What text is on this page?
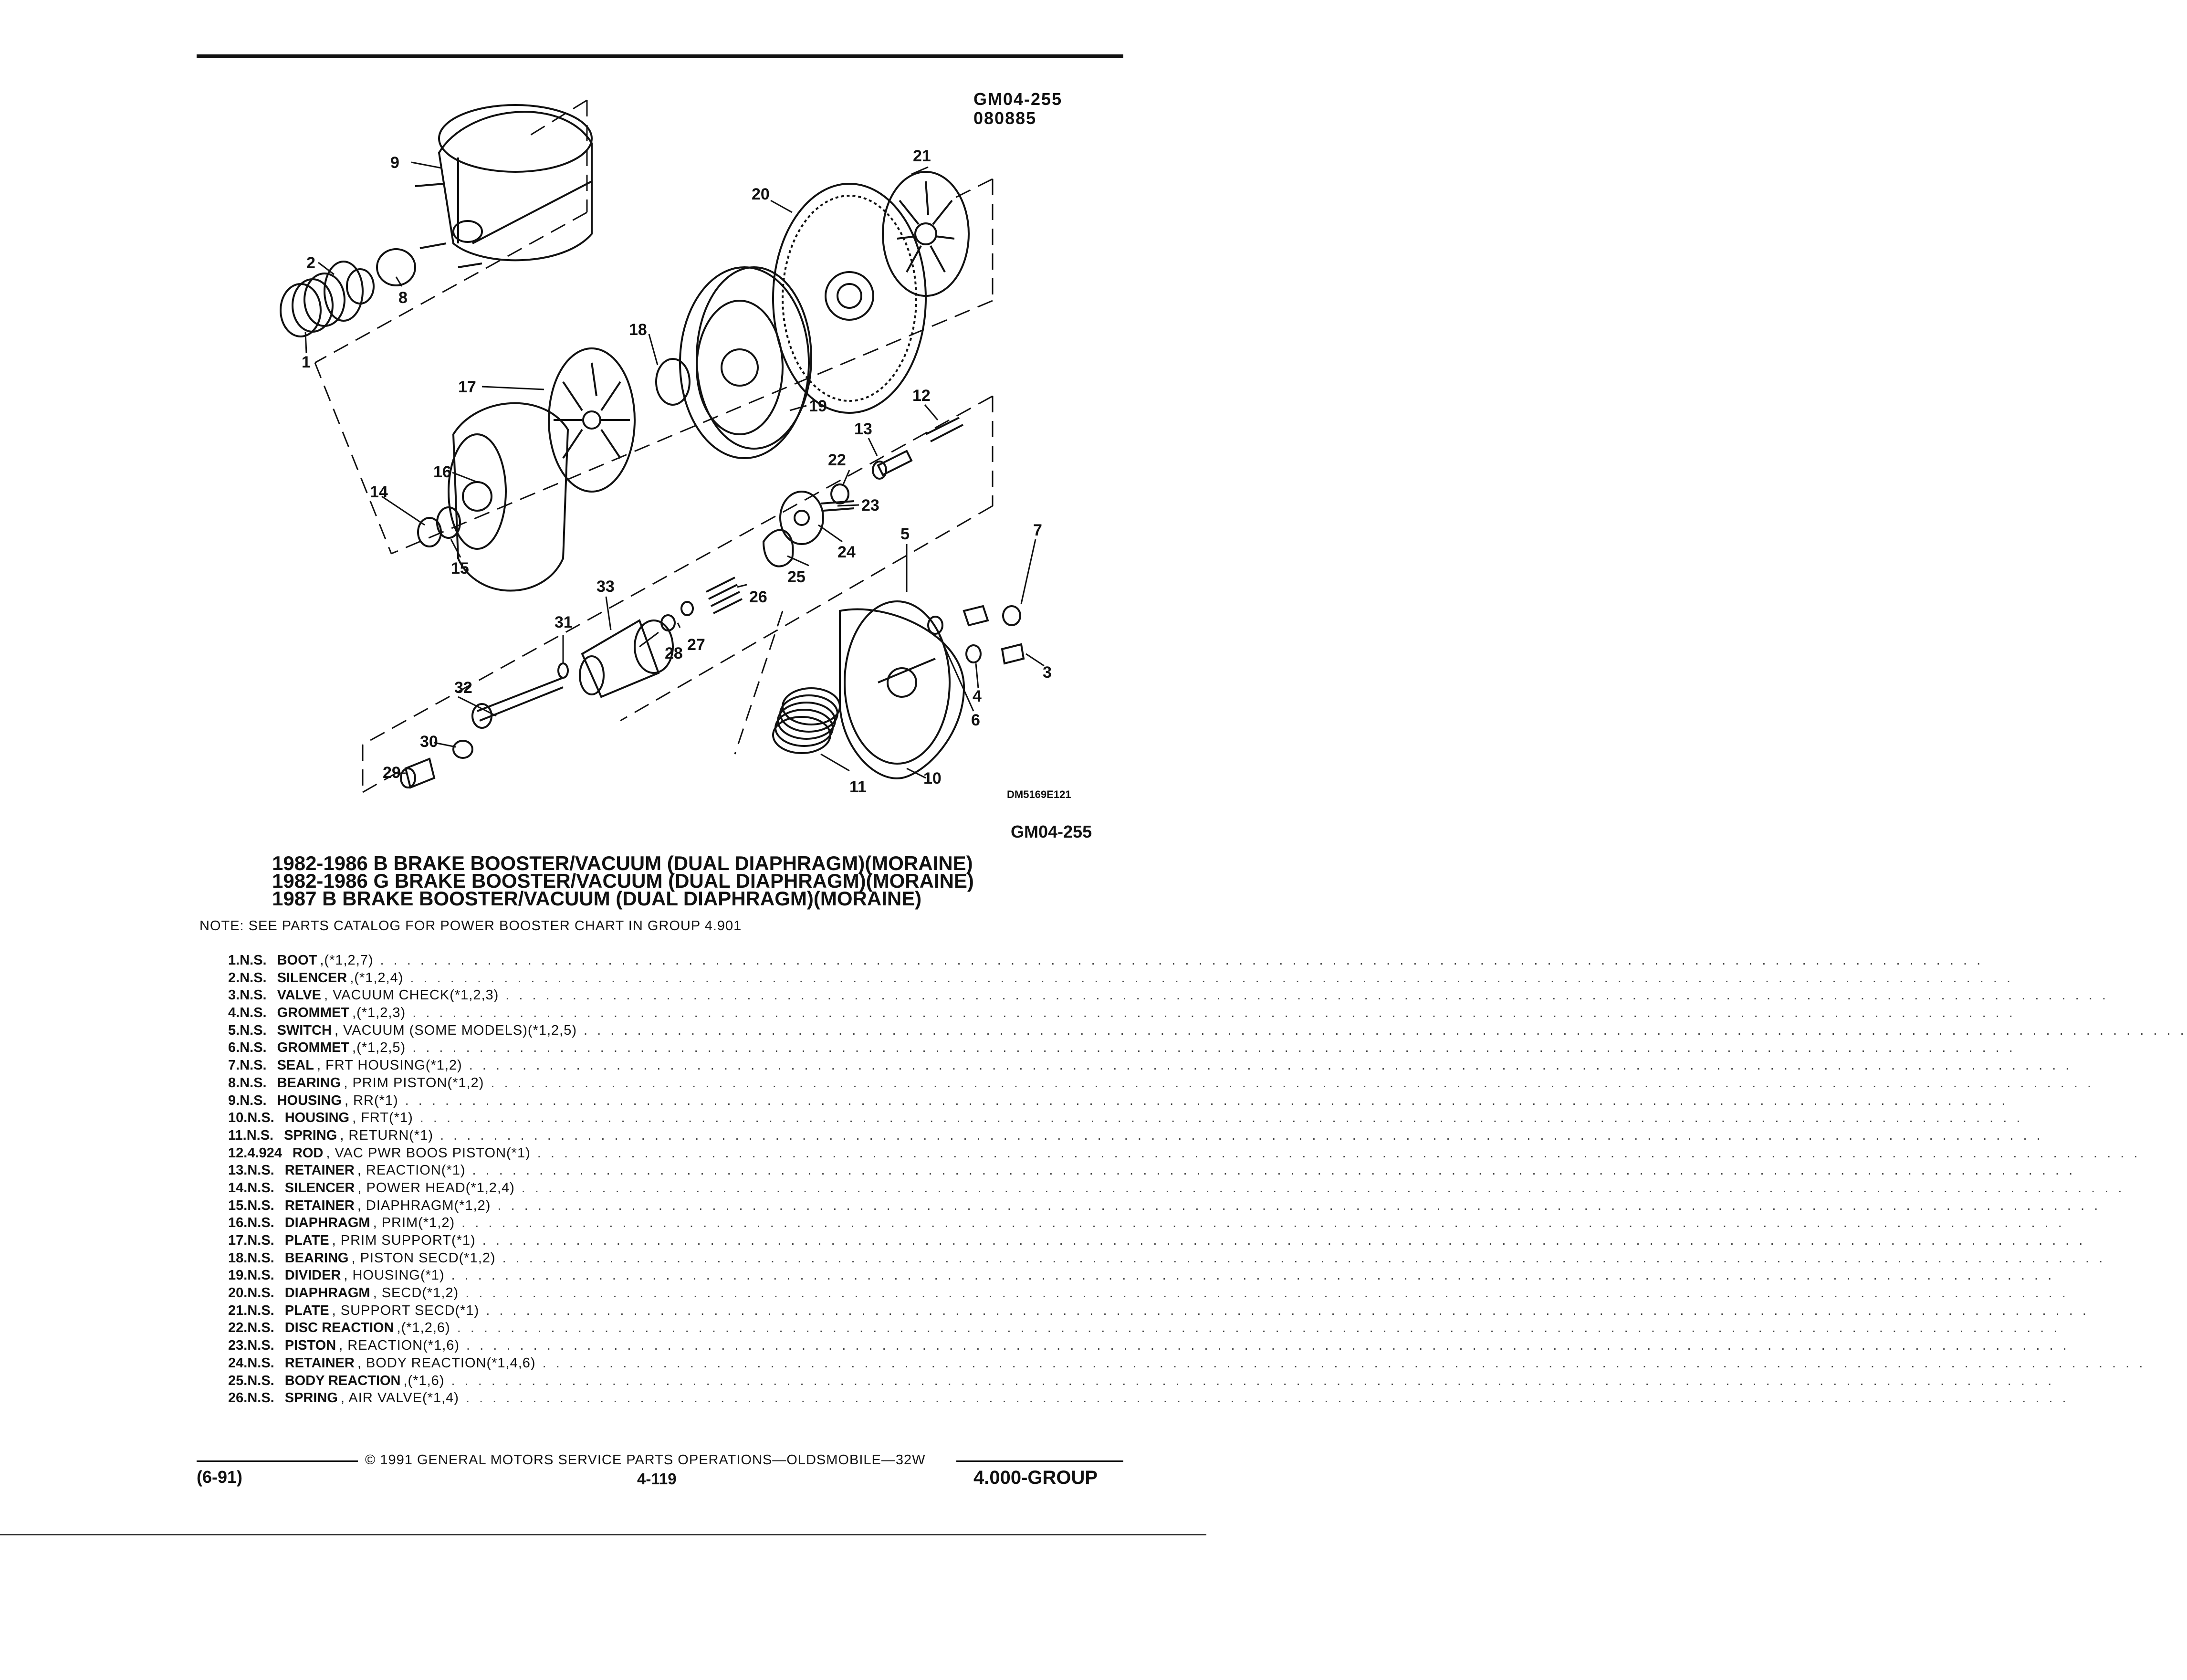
GM04-255
080885
9
2
8
1
21
20
18
17
19
12
13
22
23
24
25
26
16
14
15
33
27
28
31
32
30
29
5	7
3
4
6
11	10
DM5169E121
GM04-255
1982-1986 B BRAKE BOOSTER/VACUUM (DUAL DIAPHRAGM)(MORAINE)
1982-1986 G BRAKE BOOSTER/VACUUM (DUAL DIAPHRAGM)(MORAINE)
1987 B BRAKE BOOSTER/VACUUM (DUAL DIAPHRAGM)(MORAINE)
NOTE: SEE PARTS CATALOG FOR POWER BOOSTER CHART IN GROUP 4.901
1. N.S. BOOT ,(*1,2,7) . . . . . . . . . . . . . . . . . . . . . . . . . . . . . . . . . . . . . . . . . . . . . . . . . . . . . . . . . . . . . . . . . . . . . . . . . . . . . . . . . . . . . . . . . . . . . . . . . . . . . . . . . . . . . . . . . . . . . . . .
2. N.S. SILENCER ,(*1,2,4) . . . . . . . . . . . . . . . . . . . . . . . . . . . . . . . . . . . . . . . . . . . . . . . . . . . . . . . . . . . . . . . . . . . . . . . . . . . . . . . . . . . . . . . . . . . . . . . . . . . . . . . . . . . . . . . . . . . . . . . .
3. N.S. VALVE , VACUUM CHECK(*1,2,3) . . . . . . . . . . . . . . . . . . . . . . . . . . . . . . . . . . . . . . . . . . . . . . . . . . . . . . . . . . . . . . . . . . . . . . . . . . . . . . . . . . . . . . . . . . . . . . . . . . . . . . . . . . . . . . . . . . . . . . . .
4. N.S. GROMMET ,(*1,2,3) . . . . . . . . . . . . . . . . . . . . . . . . . . . . . . . . . . . . . . . . . . . . . . . . . . . . . . . . . . . . . . . . . . . . . . . . . . . . . . . . . . . . . . . . . . . . . . . . . . . . . . . . . . . . . . . . . . . . . . . .
5. N.S. SWITCH , VACUUM (SOME MODELS)(*1,2,5) . . . . . . . . . . . . . . . . . . . . . . . . . . . . . . . . . . . . . . . . . . . . . . . . . . . . . . . . . . . . . . . . . . . . . . . . . . . . . . . . . . . . . . . . . . . . . . . . . . . . . . . . . . . . . . . . . . . . . . . .
6. N.S. GROMMET ,(*1,2,5) . . . . . . . . . . . . . . . . . . . . . . . . . . . . . . . . . . . . . . . . . . . . . . . . . . . . . . . . . . . . . . . . . . . . . . . . . . . . . . . . . . . . . . . . . . . . . . . . . . . . . . . . . . . . . . . . . . . . . . . .
7. N.S. SEAL , FRT HOUSING(*1,2) . . . . . . . . . . . . . . . . . . . . . . . . . . . . . . . . . . . . . . . . . . . . . . . . . . . . . . . . . . . . . . . . . . . . . . . . . . . . . . . . . . . . . . . . . . . . . . . . . . . . . . . . . . . . . . . . . . . . . . . .
8. N.S. BEARING , PRIM PISTON(*1,2) . . . . . . . . . . . . . . . . . . . . . . . . . . . . . . . . . . . . . . . . . . . . . . . . . . . . . . . . . . . . . . . . . . . . . . . . . . . . . . . . . . . . . . . . . . . . . . . . . . . . . . . . . . . . . . . . . . . . . . . .
9. N.S. HOUSING , RR(*1) . . . . . . . . . . . . . . . . . . . . . . . . . . . . . . . . . . . . . . . . . . . . . . . . . . . . . . . . . . . . . . . . . . . . . . . . . . . . . . . . . . . . . . . . . . . . . . . . . . . . . . . . . . . . . . . . . . . . . . . .
10. N.S. HOUSING , FRT(*1) . . . . . . . . . . . . . . . . . . . . . . . . . . . . . . . . . . . . . . . . . . . . . . . . . . . . . . . . . . . . . . . . . . . . . . . . . . . . . . . . . . . . . . . . . . . . . . . . . . . . . . . . . . . . . . . . . . . . . . . .
11. N.S. SPRING , RETURN(*1) . . . . . . . . . . . . . . . . . . . . . . . . . . . . . . . . . . . . . . . . . . . . . . . . . . . . . . . . . . . . . . . . . . . . . . . . . . . . . . . . . . . . . . . . . . . . . . . . . . . . . . . . . . . . . . . . . . . . . . . .
12. 4.924 ROD , VAC PWR BOOS PISTON(*1) . . . . . . . . . . . . . . . . . . . . . . . . . . . . . . . . . . . . . . . . . . . . . . . . . . . . . . . . . . . . . . . . . . . . . . . . . . . . . . . . . . . . . . . . . . . . . . . . . . . . . . . . . . . . . . . . . . . . . . . .
13. N.S. RETAINER , REACTION(*1) . . . . . . . . . . . . . . . . . . . . . . . . . . . . . . . . . . . . . . . . . . . . . . . . . . . . . . . . . . . . . . . . . . . . . . . . . . . . . . . . . . . . . . . . . . . . . . . . . . . . . . . . . . . . . . . . . . . . . . . .
14. N.S. SILENCER , POWER HEAD(*1,2,4) . . . . . . . . . . . . . . . . . . . . . . . . . . . . . . . . . . . . . . . . . . . . . . . . . . . . . . . . . . . . . . . . . . . . . . . . . . . . . . . . . . . . . . . . . . . . . . . . . . . . . . . . . . . . . . . . . . . . . . . .
15. N.S. RETAINER , DIAPHRAGM(*1,2) . . . . . . . . . . . . . . . . . . . . . . . . . . . . . . . . . . . . . . . . . . . . . . . . . . . . . . . . . . . . . . . . . . . . . . . . . . . . . . . . . . . . . . . . . . . . . . . . . . . . . . . . . . . . . . . . . . . . . . . .
16. N.S. DIAPHRAGM , PRIM(*1,2) . . . . . . . . . . . . . . . . . . . . . . . . . . . . . . . . . . . . . . . . . . . . . . . . . . . . . . . . . . . . . . . . . . . . . . . . . . . . . . . . . . . . . . . . . . . . . . . . . . . . . . . . . . . . . . . . . . . . . . . .
17. N.S. PLATE , PRIM SUPPORT(*1) . . . . . . . . . . . . . . . . . . . . . . . . . . . . . . . . . . . . . . . . . . . . . . . . . . . . . . . . . . . . . . . . . . . . . . . . . . . . . . . . . . . . . . . . . . . . . . . . . . . . . . . . . . . . . . . . . . . . . . . .
18. N.S. BEARING , PISTON SECD(*1,2) . . . . . . . . . . . . . . . . . . . . . . . . . . . . . . . . . . . . . . . . . . . . . . . . . . . . . . . . . . . . . . . . . . . . . . . . . . . . . . . . . . . . . . . . . . . . . . . . . . . . . . . . . . . . . . . . . . . . . . . .
19. N.S. DIVIDER , HOUSING(*1) . . . . . . . . . . . . . . . . . . . . . . . . . . . . . . . . . . . . . . . . . . . . . . . . . . . . . . . . . . . . . . . . . . . . . . . . . . . . . . . . . . . . . . . . . . . . . . . . . . . . . . . . . . . . . . . . . . . . . . . .
20. N.S. DIAPHRAGM , SECD(*1,2) . . . . . . . . . . . . . . . . . . . . . . . . . . . . . . . . . . . . . . . . . . . . . . . . . . . . . . . . . . . . . . . . . . . . . . . . . . . . . . . . . . . . . . . . . . . . . . . . . . . . . . . . . . . . . . . . . . . . . . . .
21. N.S. PLATE , SUPPORT SECD(*1) . . . . . . . . . . . . . . . . . . . . . . . . . . . . . . . . . . . . . . . . . . . . . . . . . . . . . . . . . . . . . . . . . . . . . . . . . . . . . . . . . . . . . . . . . . . . . . . . . . . . . . . . . . . . . . . . . . . . . . . .
22. N.S. DISC REACTION ,(*1,2,6) . . . . . . . . . . . . . . . . . . . . . . . . . . . . . . . . . . . . . . . . . . . . . . . . . . . . . . . . . . . . . . . . . . . . . . . . . . . . . . . . . . . . . . . . . . . . . . . . . . . . . . . . . . . . . . . . . . . . . . . .
23. N.S. PISTON , REACTION(*1,6) . . . . . . . . . . . . . . . . . . . . . . . . . . . . . . . . . . . . . . . . . . . . . . . . . . . . . . . . . . . . . . . . . . . . . . . . . . . . . . . . . . . . . . . . . . . . . . . . . . . . . . . . . . . . . . . . . . . . . . . .
24. N.S. RETAINER , BODY REACTION(*1,4,6) . . . . . . . . . . . . . . . . . . . . . . . . . . . . . . . . . . . . . . . . . . . . . . . . . . . . . . . . . . . . . . . . . . . . . . . . . . . . . . . . . . . . . . . . . . . . . . . . . . . . . . . . . . . . . . . . . . . . . . . .
25. N.S. BODY REACTION ,(*1,6) . . . . . . . . . . . . . . . . . . . . . . . . . . . . . . . . . . . . . . . . . . . . . . . . . . . . . . . . . . . . . . . . . . . . . . . . . . . . . . . . . . . . . . . . . . . . . . . . . . . . . . . . . . . . . . . . . . . . . . . .
26. N.S. SPRING , AIR VALVE(*1,4) . . . . . . . . . . . . . . . . . . . . . . . . . . . . . . . . . . . . . . . . . . . . . . . . . . . . . . . . . . . . . . . . . . . . . . . . . . . . . . . . . . . . . . . . . . . . . . . . . . . . . . . . . . . . . . . . . . . . . . . .
© 1991 GENERAL MOTORS SERVICE PARTS OPERATIONS—OLDSMOBILE—32W
(6-91)	4-119	4.000-GROUP
